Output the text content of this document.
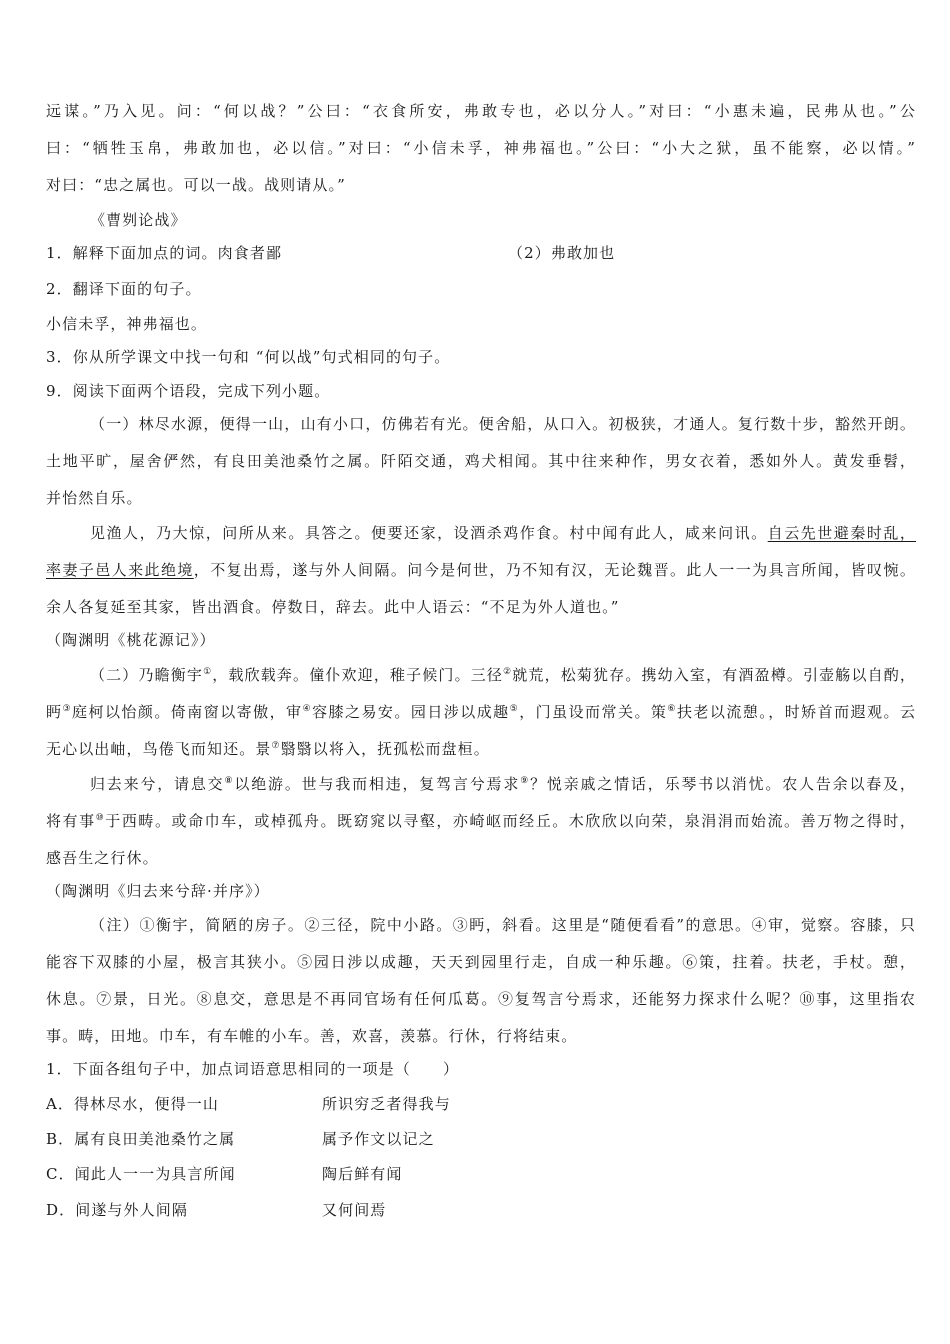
远谋。”乃入见。问：“何以战？”公曰：“衣食所安，弗敢专也，必以分人。”对曰：“小惠未遍，民弗从也。”公
曰：“牺牲玉帛，弗敢加也，必以信。”对曰：“小信未孚，神弗福也。”公曰：“小大之狱，虽不能察，必以情。”
对曰：“忠之属也。可以一战。战则请从。”
《曹刿论战》
1．解释下面加点的词。肉食者鄙	（2）弗敢加也
2．翻译下面的句子。
小信未孚，神弗福也。
3．你从所学课文中找一句和 “何以战”句式相同的句子。
9．阅读下面两个语段，完成下列小题。
（一）林尽水源，便得一山，山有小口，仿佛若有光。便舍船，从口入。初极狭，才通人。复行数十步，豁然开朗。
土地平旷，屋舍俨然，有良田美池桑竹之属。阡陌交通，鸡犬相闻。其中往来种作，男女衣着，悉如外人。黄发垂髫，
并怡然自乐。
见渔人，乃大惊，问所从来。具答之。便要还家，设酒杀鸡作食。村中闻有此人，咸来问讯。自云先世避秦时乱，
率妻子邑人来此绝境，不复出焉，遂与外人间隔。问今是何世，乃不知有汉，无论魏晋。此人一一为具言所闻，皆叹惋。
余人各复延至其家，皆出酒食。停数日，辞去。此中人语云：“不足为外人道也。”
（陶渊明《桃花源记》）
（二）乃瞻衡宇①，载欣载奔。僮仆欢迎，稚子候门。三径②就荒，松菊犹存。携幼入室，有酒盈樽。引壶觞以自酌，
眄③庭柯以怡颜。倚南窗以寄傲，审④容膝之易安。园日涉以成趣⑤，门虽设而常关。策⑥扶老以流憩。，时矫首而遐观。云
无心以出岫，鸟倦飞而知还。景⑦翳翳以将入，抚孤松而盘桓。
归去来兮，请息交⑧以绝游。世与我而相违，复驾言兮焉求⑨？悦亲戚之情话，乐琴书以消忧。农人告余以春及，
将有事⑩于西畴。或命巾车，或棹孤舟。既窈窕以寻壑，亦崎岖而经丘。木欣欣以向荣，泉涓涓而始流。善万物之得时，
感吾生之行休。
（陶渊明《归去来兮辞·并序》）
（注）①衡宇，简陋的房子。②三径，院中小路。③眄，斜看。这里是“随便看看”的意思。④审，觉察。容膝，只
能容下双膝的小屋，极言其狭小。⑤园日涉以成趣，天天到园里行走，自成一种乐趣。⑥策，拄着。扶老，手杖。憩，
休息。⑦景，日光。⑧息交，意思是不再同官场有任何瓜葛。⑨复驾言兮焉求，还能努力探求什么呢？⑩事，这里指农
事。畴，田地。巾车，有车帷的小车。善，欢喜，羡慕。行休，行将结束。
1．下面各组句子中，加点词语意思相同的一项是（　　）
A．得林尽水，便得一山	所识穷乏者得我与
B．属有良田美池桑竹之属	属予作文以记之
C．闻此人一一为具言所闻	陶后鲜有闻
D．间遂与外人间隔	又何间焉
